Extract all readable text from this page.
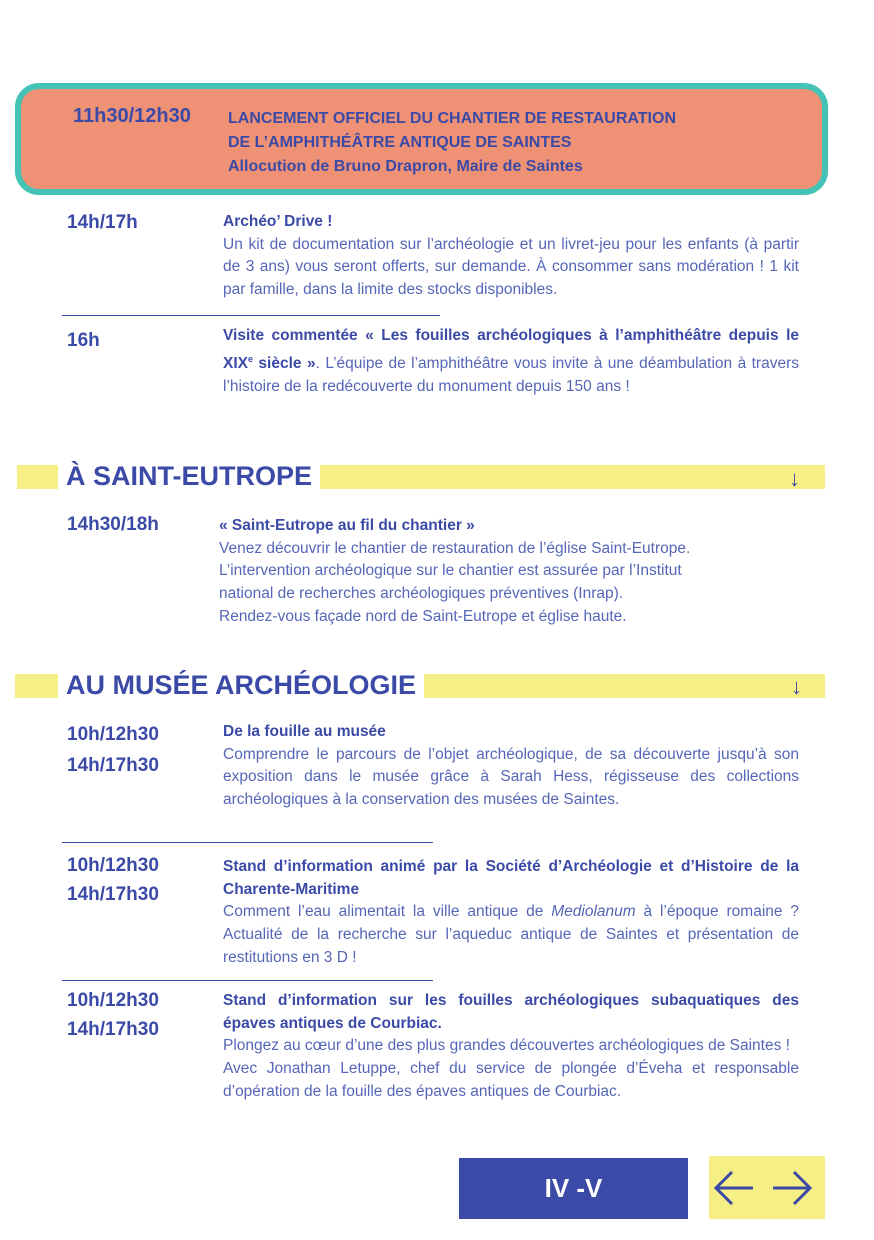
11h30/12h30 LANCEMENT OFFICIEL DU CHANTIER DE RESTAURATION
DE L’AMPHITHÉÂTRE ANTIQUE DE SAINTES
Allocution de Bruno Drapron, Maire de Saintes
14h/17h	Archéo’ Drive !

Un kit de documentation sur l’archéologie et un livret-jeu pour les enfants (à partir de 3 ans) vous seront offerts, sur demande. À consommer sans modération ! 1 kit par famille, dans la limite des stocks disponibles.

16h	Visite commentée « Les fouilles archéologiques à l’amphithéâtre depuis le XIXe siècle ». L’équipe de l’amphithéâtre vous invite à une déambulation à travers l’histoire de la redécouverte du monument depuis 150 ans !

À SAINT-EUTROPE	↓
14h30/18h	« Saint-Eutrope au fil du chantier »

Venez découvrir le chantier de restauration de l’église Saint-Eutrope.

L’intervention archéologique sur le chantier est assurée par l’Institut

national de recherches archéologiques préventives (Inrap).

Rendez-vous façade nord de Saint-Eutrope et église haute.

AU MUSÉE ARCHÉOLOGIE	↓
10h/12h30
14h/17h30

De la fouille au musée

Comprendre le parcours de l’objet archéologique, de sa découverte jusqu’à son exposition dans le musée grâce à Sarah Hess, régisseuse des collections archéologiques à la conservation des musées de Saintes.

10h/12h30
14h/17h30

Stand d’information animé par la Société d’Archéologie et d’Histoire de la Charente-Maritime

Comment l’eau alimentait la ville antique de Mediolanum à l’époque romaine ? Actualité de la recherche sur l’aqueduc antique de Saintes et présentation de restitutions en 3 D !

10h/12h30
14h/17h30

Stand d’information sur les fouilles archéologiques subaquatiques des épaves antiques de Courbiac.

Plongez au cœur d’une des plus grandes découvertes archéologiques de Saintes !

Avec Jonathan Letuppe, chef du service de plongée d’Éveha et responsable d’opération de la fouille des épaves antiques de Courbiac.

IV -V
